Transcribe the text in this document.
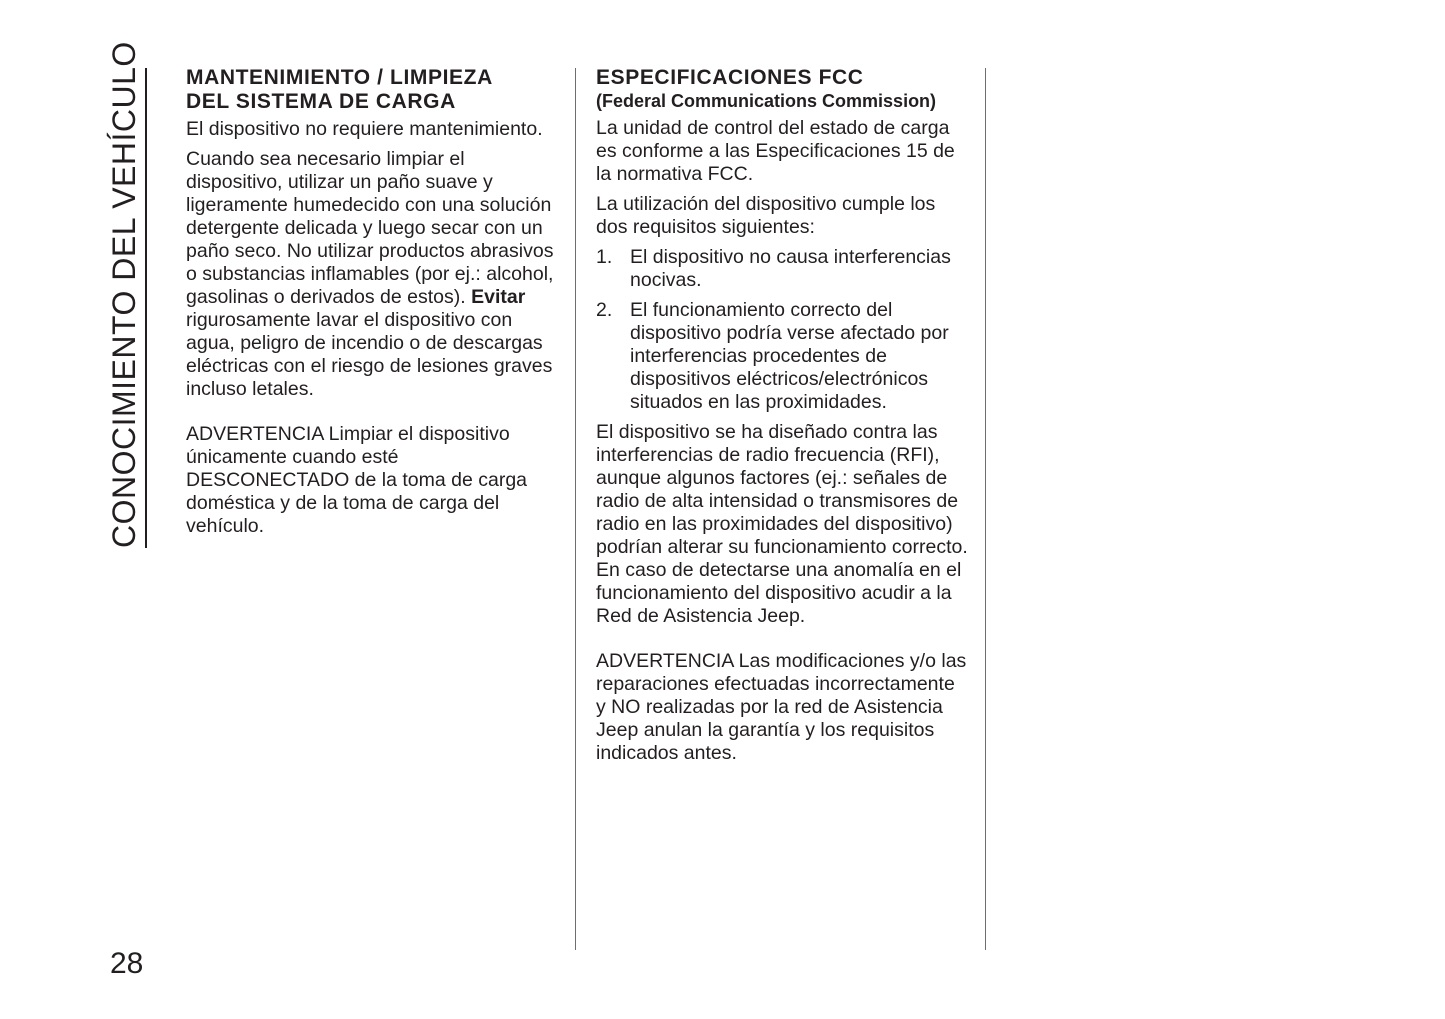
CONOCIMIENTO DEL VEHÍCULO MANTENIMIENTO / LIMPIEZA
DEL SISTEMA DE CARGA

El dispositivo no requiere mantenimiento.

Cuando sea necesario limpiar el dispositivo, utilizar un paño suave y ligeramente humedecido con una solución detergente delicada y luego secar con un paño seco. No utilizar productos abrasivos o substancias inflamables (por ej.: alcohol, gasolinas o derivados de estos). Evitar rigurosamente lavar el dispositivo con agua, peligro de incendio o de descargas eléctricas con el riesgo de lesiones graves incluso letales.

ADVERTENCIA Limpiar el dispositivo únicamente cuando esté DESCONECTADO de la toma de carga doméstica y de la toma de carga del vehículo.

ESPECIFICACIONES FCC
(Federal Communications Commission)

La unidad de control del estado de carga es conforme a las Especificaciones 15 de la normativa FCC.

La utilización del dispositivo cumple los dos requisitos siguientes:

1. El dispositivo no causa interferencias nocivas.
2. El funcionamiento correcto del dispositivo podría verse afectado por interferencias procedentes de dispositivos eléctricos/electrónicos situados en las proximidades.

El dispositivo se ha diseñado contra las interferencias de radio frecuencia (RFI), aunque algunos factores (ej.: señales de radio de alta intensidad o transmisores de radio en las proximidades del dispositivo) podrían alterar su funcionamiento correcto. En caso de detectarse una anomalía en el funcionamiento del dispositivo acudir a la Red de Asistencia Jeep.

ADVERTENCIA Las modificaciones y/o las reparaciones efectuadas incorrectamente y NO realizadas por la red de Asistencia Jeep anulan la garantía y los requisitos indicados antes.

28
